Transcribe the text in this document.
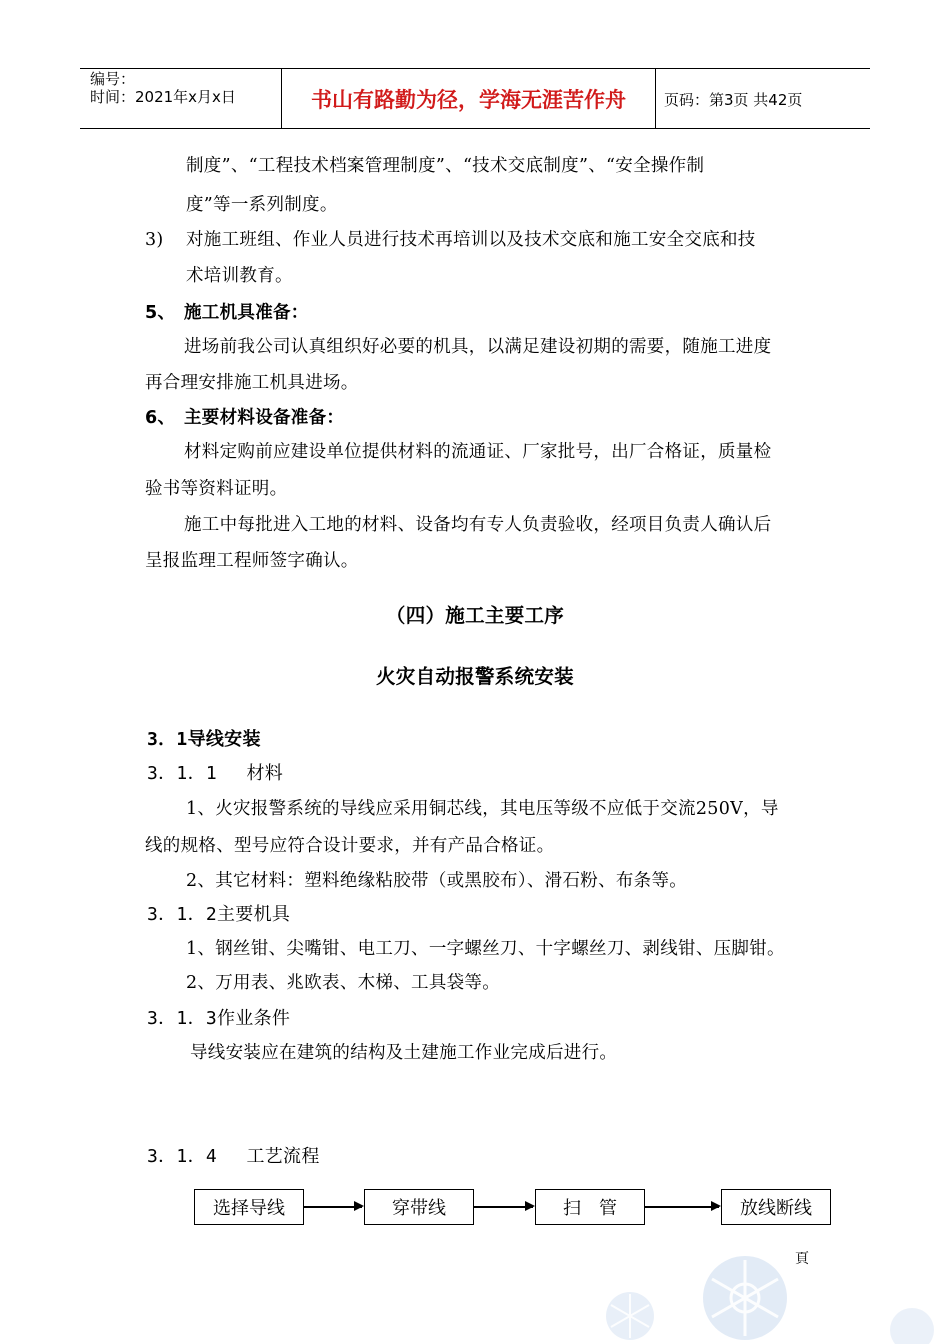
编号：
时间：2021年x月x日	书山有路勤为径，学海无涯苦作舟	页码：第3页 共42页
制度”、“工程技术档案管理制度”、“技术交底制度”、“安全操作制
度”等一系列制度。
3) 对施工班组、作业人员进行技术再培训以及技术交底和施工安全交底和技
术培训教育。
5、 施工机具准备：
进场前我公司认真组织好必要的机具，以满足建设初期的需要，随施工进度
再合理安排施工机具进场。
6、 主要材料设备准备：
材料定购前应建设单位提供材料的流通证、厂家批号，出厂合格证，质量检
验书等资料证明。
施工中每批进入工地的材料、设备均有专人负责验收，经项目负责人确认后
呈报监理工程师签字确认。
（四）施工主要工序
火灾自动报警系统安装
3．1导线安装
3．1．1　 材料
1、火灾报警系统的导线应采用铜芯线，其电压等级不应低于交流250V，导
线的规格、型号应符合设计要求，并有产品合格证。
2、其它材料：塑料绝缘粘胶带（或黑胶布）、滑石粉、布条等。
3．1．2主要机具
1、钢丝钳、尖嘴钳、电工刀、一字螺丝刀、十字螺丝刀、剥线钳、压脚钳。
2、万用表、兆欧表、木梯、工具袋等。
3．1．3作业条件
导线安装应在建筑的结构及土建施工作业完成后进行。
3．1．4　 工艺流程
选择导线	穿带线	扫　管	放线断线
頁
